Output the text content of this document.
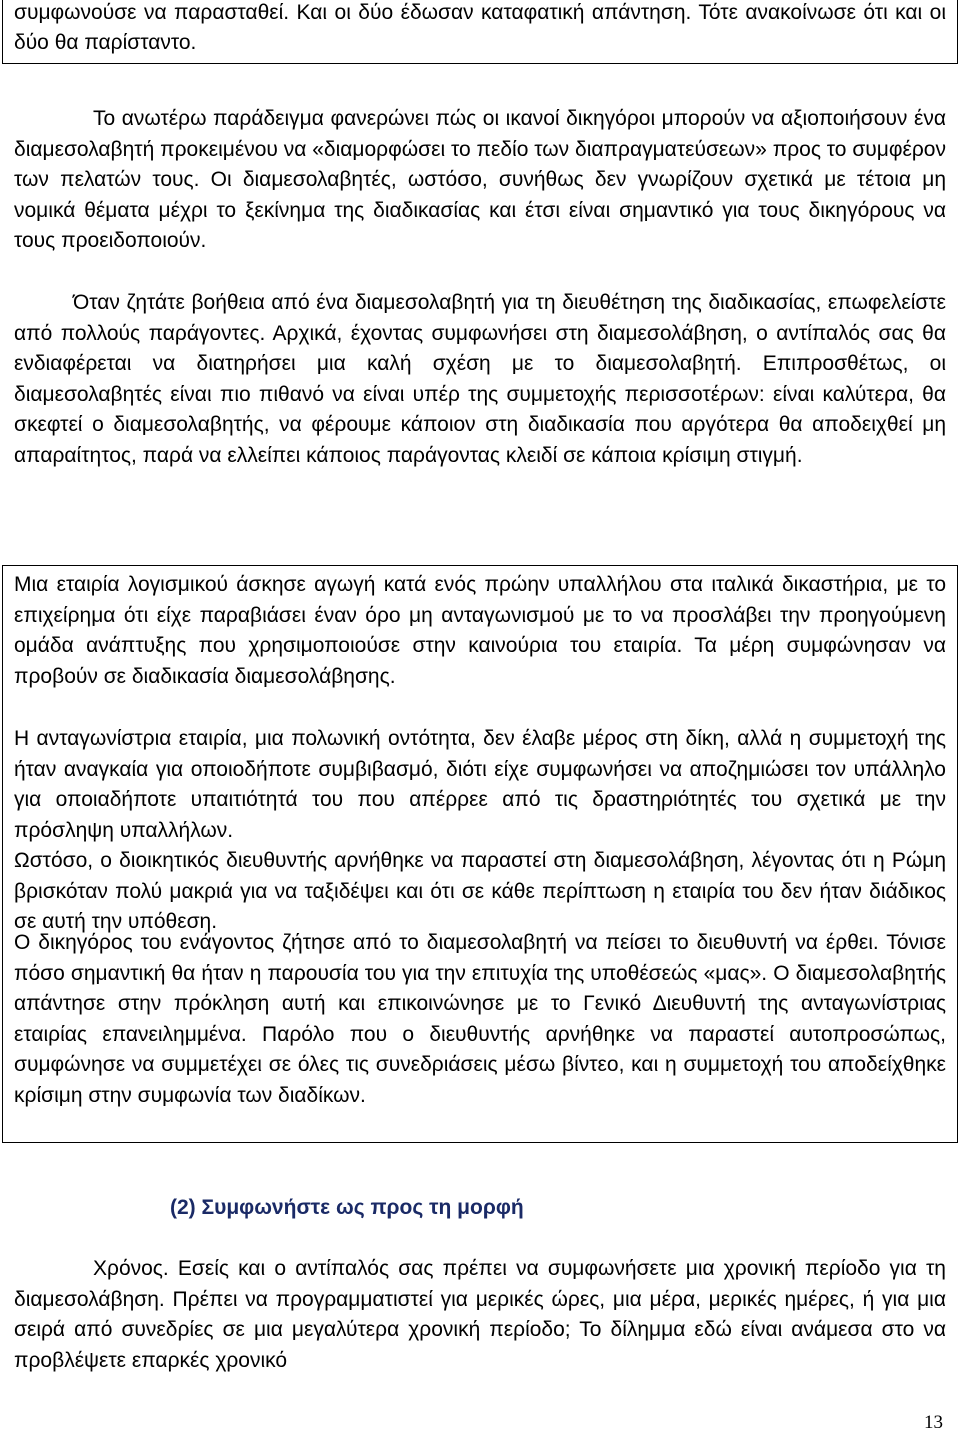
συμφωνούσε να παρασταθεί. Και οι δύο έδωσαν καταφατική απάντηση. Τότε ανακοίνωσε ότι και οι δύο θα παρίσταντο.

Το ανωτέρω παράδειγμα φανερώνει πώς οι ικανοί δικηγόροι μπορούν να αξιοποιήσουν ένα διαμεσολαβητή προκειμένου να «διαμορφώσει το πεδίο των διαπραγματεύσεων» προς το συμφέρον των πελατών τους. Οι διαμεσολαβητές, ωστόσο, συνήθως δεν γνωρίζουν σχετικά με τέτοια μη νομικά θέματα μέχρι το ξεκίνημα της διαδικασίας και έτσι είναι σημαντικό για τους δικηγόρους να τους προειδοποιούν.

Όταν ζητάτε βοήθεια από ένα διαμεσολαβητή για τη διευθέτηση της διαδικασίας, επωφελείστε από πολλούς παράγοντες. Αρχικά, έχοντας συμφωνήσει στη διαμεσολάβηση, ο αντίπαλός σας θα ενδιαφέρεται να διατηρήσει μια καλή σχέση με το διαμεσολαβητή. Επιπροσθέτως, οι διαμεσολαβητές είναι πιο πιθανό να είναι υπέρ της συμμετοχής περισσοτέρων: είναι καλύτερα, θα σκεφτεί ο διαμεσολαβητής, να φέρουμε κάποιον στη διαδικασία που αργότερα θα αποδειχθεί μη απαραίτητος, παρά να ελλείπει κάποιος παράγοντας κλειδί σε κάποια κρίσιμη στιγμή.

Μια εταιρία λογισμικού άσκησε αγωγή κατά ενός πρώην υπαλλήλου στα ιταλικά δικαστήρια, με το επιχείρημα ότι είχε παραβιάσει έναν όρο μη ανταγωνισμού με το να προσλάβει την προηγούμενη ομάδα ανάπτυξης που χρησιμοποιούσε στην καινούρια του εταιρία. Τα μέρη συμφώνησαν να προβούν σε διαδικασία διαμεσολάβησης.

Η ανταγωνίστρια εταιρία, μια πολωνική οντότητα, δεν έλαβε μέρος στη δίκη, αλλά η συμμετοχή της ήταν αναγκαία για οποιοδήποτε συμβιβασμό, διότι είχε συμφωνήσει να αποζημιώσει τον υπάλληλο για οποιαδήποτε υπαιτιότητά του που απέρρεε από τις δραστηριότητές του σχετικά με την πρόσληψη υπαλλήλων.

Ωστόσο, ο διοικητικός διευθυντής αρνήθηκε να παραστεί στη διαμεσολάβηση, λέγοντας ότι η Ρώμη βρισκόταν πολύ μακριά για να ταξιδέψει και ότι σε κάθε περίπτωση η εταιρία του δεν ήταν διάδικος σε αυτή την υπόθεση.

Ο δικηγόρος του ενάγοντος ζήτησε από το διαμεσολαβητή να πείσει το διευθυντή να έρθει. Τόνισε πόσο σημαντική θα ήταν η παρουσία του για την επιτυχία της υποθέσεώς «μας». Ο διαμεσολαβητής απάντησε στην πρόκληση αυτή και επικοινώνησε με το Γενικό Διευθυντή της ανταγωνίστριας εταιρίας επανειλημμένα. Παρόλο που ο διευθυντής αρνήθηκε να παραστεί αυτοπροσώπως, συμφώνησε να συμμετέχει σε όλες τις συνεδριάσεις μέσω βίντεο, και η συμμετοχή του αποδείχθηκε κρίσιμη στην συμφωνία των διαδίκων.

(2) Συμφωνήστε ως προς τη μορφή

Χρόνος. Εσείς και ο αντίπαλός σας πρέπει να συμφωνήσετε μια χρονική περίοδο για τη διαμεσολάβηση. Πρέπει να προγραμματιστεί για μερικές ώρες, μια μέρα, μερικές ημέρες, ή για μια σειρά από συνεδρίες σε μια μεγαλύτερα χρονική περίοδο; Το δίλημμα εδώ είναι ανάμεσα στο να προβλέψετε επαρκές χρονικό

13
